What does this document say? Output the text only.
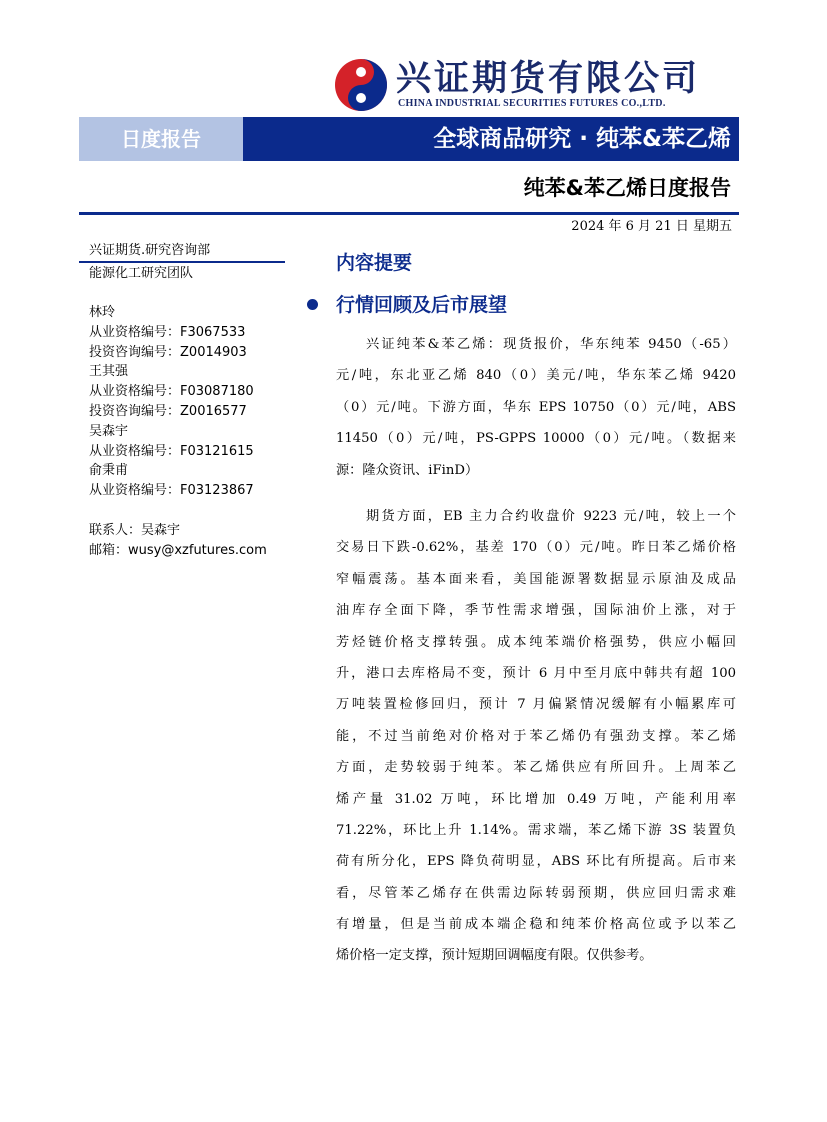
兴证期货有限公司
CHINA INDUSTRIAL SECURITIES FUTURES CO.,LTD.
日度报告	全球商品研究 · 纯苯&苯乙烯
纯苯&苯乙烯日度报告
2024 年 6 月 21 日 星期五
兴证期货.研究咨询部
能源化工研究团队
林玲
从业资格编号：F3067533
投资咨询编号：Z0014903
王其强
从业资格编号：F03087180
投资咨询编号：Z0016577
吴森宇
从业资格编号：F03121615
俞秉甫
从业资格编号：F03123867
联系人：吴森宇
邮箱：wusy@xzfutures.com
内容提要
行情回顾及后市展望
兴证纯苯&苯乙烯：现货报价，华东纯苯 9450（-65）
元/吨，东北亚乙烯 840（0）美元/吨，华东苯乙烯 9420
（0）元/吨。下游方面，华东 EPS 10750（0）元/吨，ABS
11450（0）元/吨，PS-GPPS 10000（0）元/吨。（数据来
源：隆众资讯、iFinD）
期货方面，EB 主力合约收盘价 9223 元/吨，较上一个
交易日下跌-0.62%，基差 170（0）元/吨。昨日苯乙烯价格
窄幅震荡。基本面来看，美国能源署数据显示原油及成品
油库存全面下降，季节性需求增强，国际油价上涨，对于
芳烃链价格支撑转强。成本纯苯端价格强势，供应小幅回
升，港口去库格局不变，预计 6 月中至月底中韩共有超 100
万吨装置检修回归，预计 7 月偏紧情况缓解有小幅累库可
能，不过当前绝对价格对于苯乙烯仍有强劲支撑。苯乙烯
方面，走势较弱于纯苯。苯乙烯供应有所回升。上周苯乙
烯产量 31.02 万吨，环比增加 0.49 万吨，产能利用率
71.22%，环比上升 1.14%。需求端，苯乙烯下游 3S 装置负
荷有所分化，EPS 降负荷明显，ABS 环比有所提高。后市来
看，尽管苯乙烯存在供需边际转弱预期，供应回归需求难
有增量，但是当前成本端企稳和纯苯价格高位或予以苯乙
烯价格一定支撑，预计短期回调幅度有限。仅供参考。
